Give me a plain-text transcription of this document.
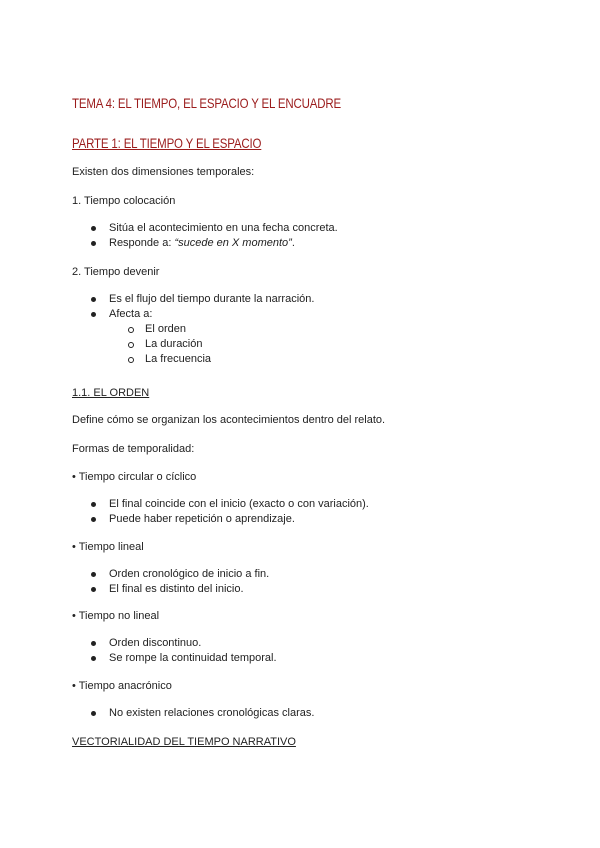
TEMA 4: EL TIEMPO, EL ESPACIO Y EL ENCUADRE
PARTE 1: EL TIEMPO Y EL ESPACIO
Existen dos dimensiones temporales:
1. Tiempo colocación
Sitúa el acontecimiento en una fecha concreta.
Responde a: “sucede en X momento”.
2. Tiempo devenir
Es el flujo del tiempo durante la narración.
Afecta a:
El orden
La duración
La frecuencia
1.1. EL ORDEN
Define cómo se organizan los acontecimientos dentro del relato.
Formas de temporalidad:
• Tiempo circular o cíclico
El final coincide con el inicio (exacto o con variación).
Puede haber repetición o aprendizaje.
• Tiempo lineal
Orden cronológico de inicio a fin.
El final es distinto del inicio.
• Tiempo no lineal
Orden discontinuo.
Se rompe la continuidad temporal.
• Tiempo anacrónico
No existen relaciones cronológicas claras.
VECTORIALIDAD DEL TIEMPO NARRATIVO
